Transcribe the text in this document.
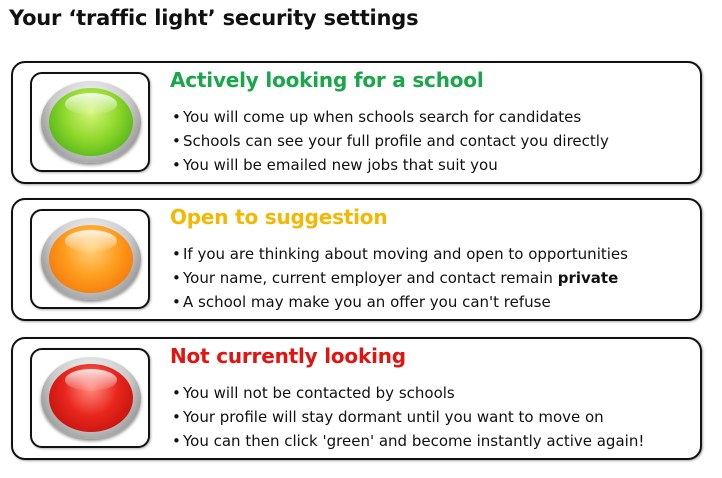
Your ‘traffic light’ security settings
Actively looking for a school
• You will come up when schools search for candidates
• Schools can see your full profile and contact you directly
• You will be emailed new jobs that suit you
Open to suggestion
• If you are thinking about moving and open to opportunities
• Your name, current employer and contact remain private
• A school may make you an offer you can't refuse
Not currently looking
• You will not be contacted by schools
• Your profile will stay dormant until you want to move on
• You can then click 'green' and become instantly active again!
